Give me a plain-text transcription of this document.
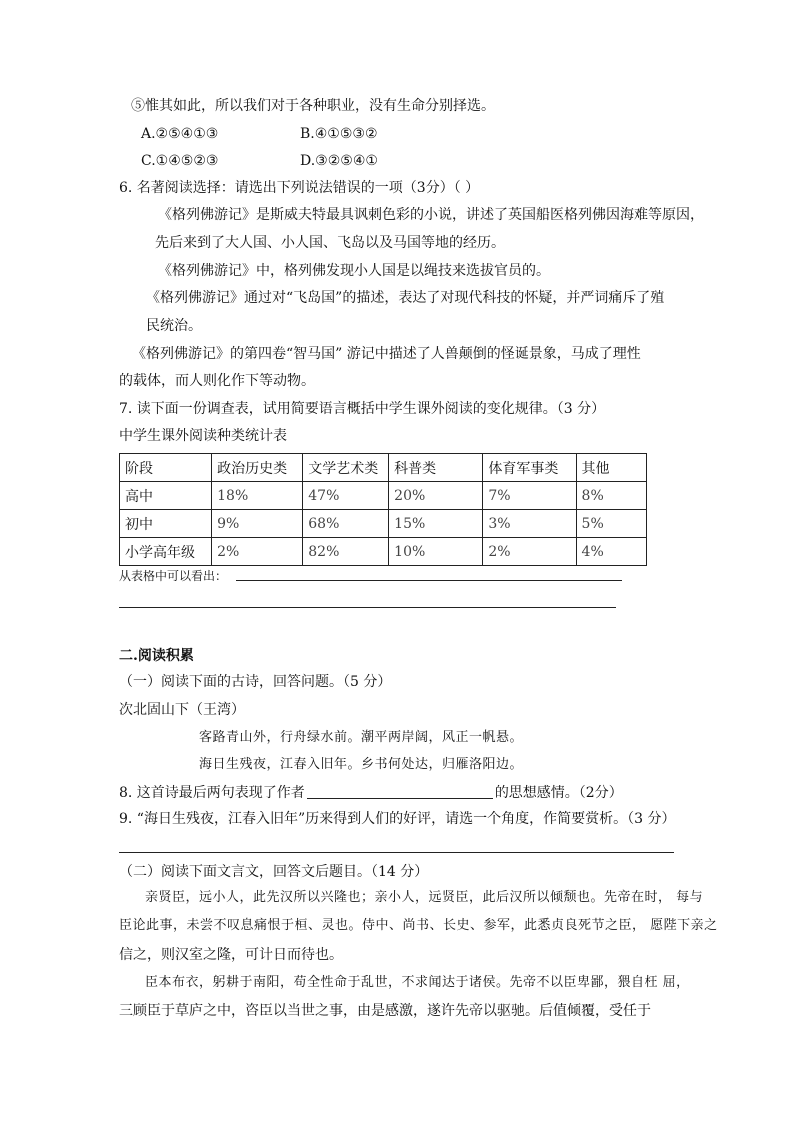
⑤惟其如此，所以我们对于各种职业，没有生命分别择选。
A.②⑤④①③	B.④①⑤③②
C.①④⑤②③	D.③②⑤④①
6. 名著阅读选择：请选出下列说法错误的一项（3分）（ ）
《格列佛游记》是斯威夫特最具讽刺色彩的小说，讲述了英国船医格列佛因海难等原因，
先后来到了大人国、小人国、飞岛以及马国等地的经历。
《格列佛游记》中，格列佛发现小人国是以绳技来选拔官员的。
《格列佛游记》通过对“飞岛国”的描述，表达了对现代科技的怀疑，并严词痛斥了殖
民统治。
《格列佛游记》的第四卷“智马国” 游记中描述了人兽颠倒的怪诞景象，马成了理性
的载体，而人则化作下等动物。
7. 读下面一份调查表，试用简要语言概括中学生课外阅读的变化规律。（3 分）
中学生课外阅读种类统计表
阶段	政治历史类	文学艺术类	科普类	体育军事类	其他
高中	18%	47%	20%	7%	8%
初中	9%	68%	15%	3%	5%
小学高年级	2%	82%	10%	2%	4%
从表格中可以看出：
二.阅读积累
（一）阅读下面的古诗，回答问题。（5 分）
次北固山下（王湾）
客路青山外，行舟绿水前。潮平两岸阔，风正一帆悬。
海日生残夜，江春入旧年。乡书何处达，归雁洛阳边。
8. 这首诗最后两句表现了作者	的思想感情。（2分）
9. “海日生残夜，江春入旧年”历来得到人们的好评，请选一个角度，作简要赏析。（3 分）
（二）阅读下面文言文，回答文后题目。（14 分）
亲贤臣，远小人，此先汉所以兴隆也；亲小人，远贤臣，此后汉所以倾颓也。先帝在时， 每与
臣论此事，未尝不叹息痛恨于桓、灵也。侍中、尚书、长史、参军，此悉贞良死节之臣， 愿陛下亲之
信之，则汉室之隆，可计日而待也。
臣本布衣，躬耕于南阳，苟全性命于乱世，不求闻达于诸侯。先帝不以臣卑鄙，猥自枉 屈，
三顾臣于草庐之中，咨臣以当世之事，由是感激，遂许先帝以驱驰。后值倾覆，受任于
